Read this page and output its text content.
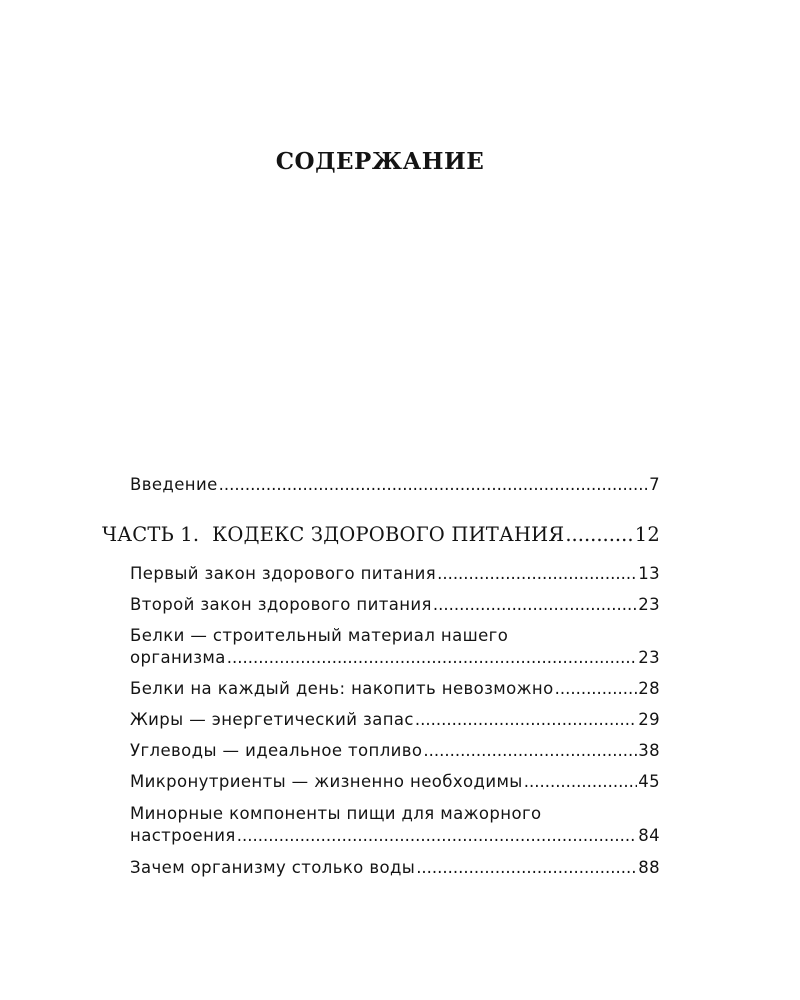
СОДЕРЖАНИЕ
Введение .....	7
ЧАСТЬ 1.  КОДЕКС ЗДОРОВОГО ПИТАНИЯ .....	12
Первый закон здорового питания .....	13
Второй закон здорового питания .....	23
Белки — строительный материал нашего
организма .....	23
Белки на каждый день: накопить невозможно .....	28
Жиры — энергетический запас .....	29
Углеводы — идеальное топливо .....	38
Микронутриенты — жизненно необходимы .....	45
Минорные компоненты пищи для мажорного
настроения .....	84
Зачем организму столько воды .....	88
